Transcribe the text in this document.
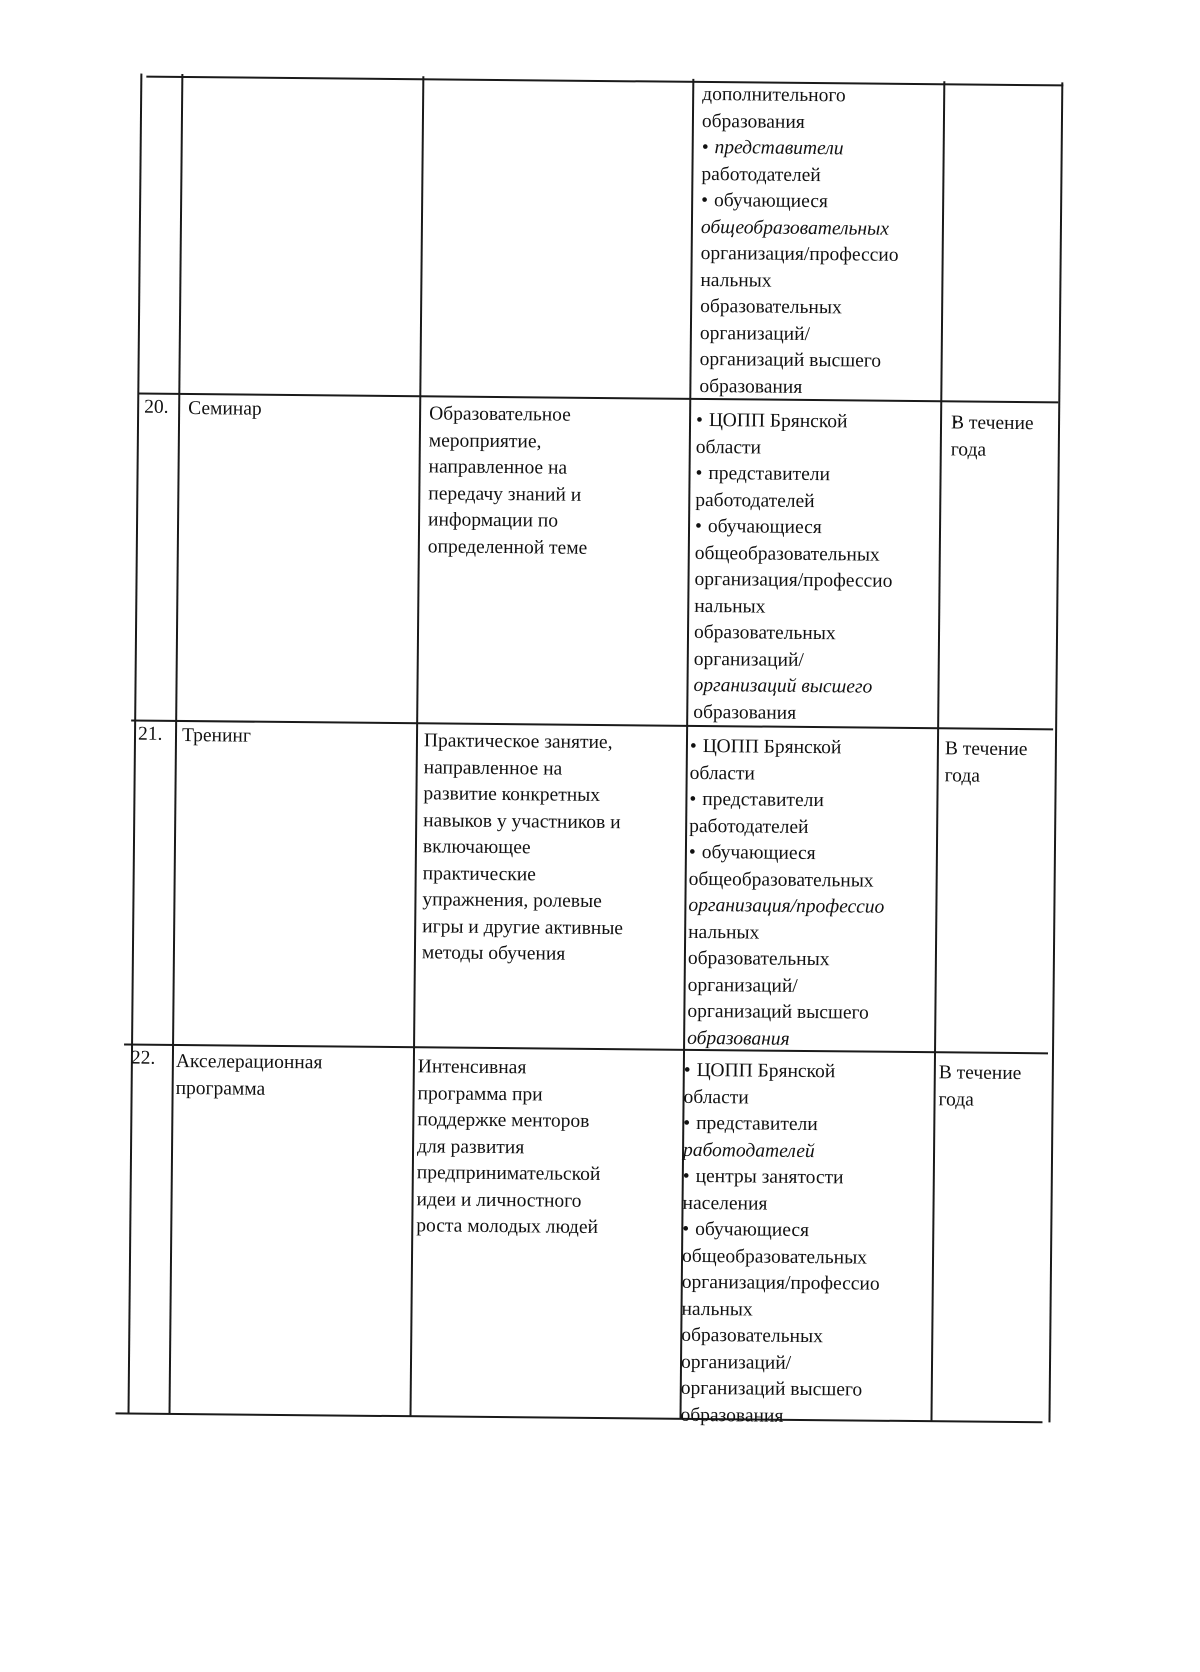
дополнительного
образования
• представители
работодателей
• обучающиеся
общеобразовательных
организация/профессио
нальных
образовательных
организаций/
организаций высшего
образования
20. Семинар	Образовательное
мероприятие,
направленное на
передачу знаний и
информации по
определенной теме
• ЦОПП Брянской
области
• представители
работодателей
• обучающиеся
общеобразовательных
организация/профессио
нальных
образовательных
организаций/
организаций высшего
образования
В течение
года
21. Тренинг	Практическое занятие,
направленное на
развитие конкретных
навыков у участников и
включающее
практические
упражнения, ролевые
игры и другие активные
методы обучения
• ЦОПП Брянской
области
• представители
работодателей
• обучающиеся
общеобразовательных
организация/профессио
нальных
образовательных
организаций/
организаций высшего
образования
В течение
года
22. Акселерационная
программа
Интенсивная
программа при
поддержке менторов
для развития
предпринимательской
идеи и личностного
роста молодых людей
• ЦОПП Брянской
области
• представители
работодателей
• центры занятости
населения
• обучающиеся
общеобразовательных
организация/профессио
нальных
образовательных
организаций/
организаций высшего
образования
В течение
года
